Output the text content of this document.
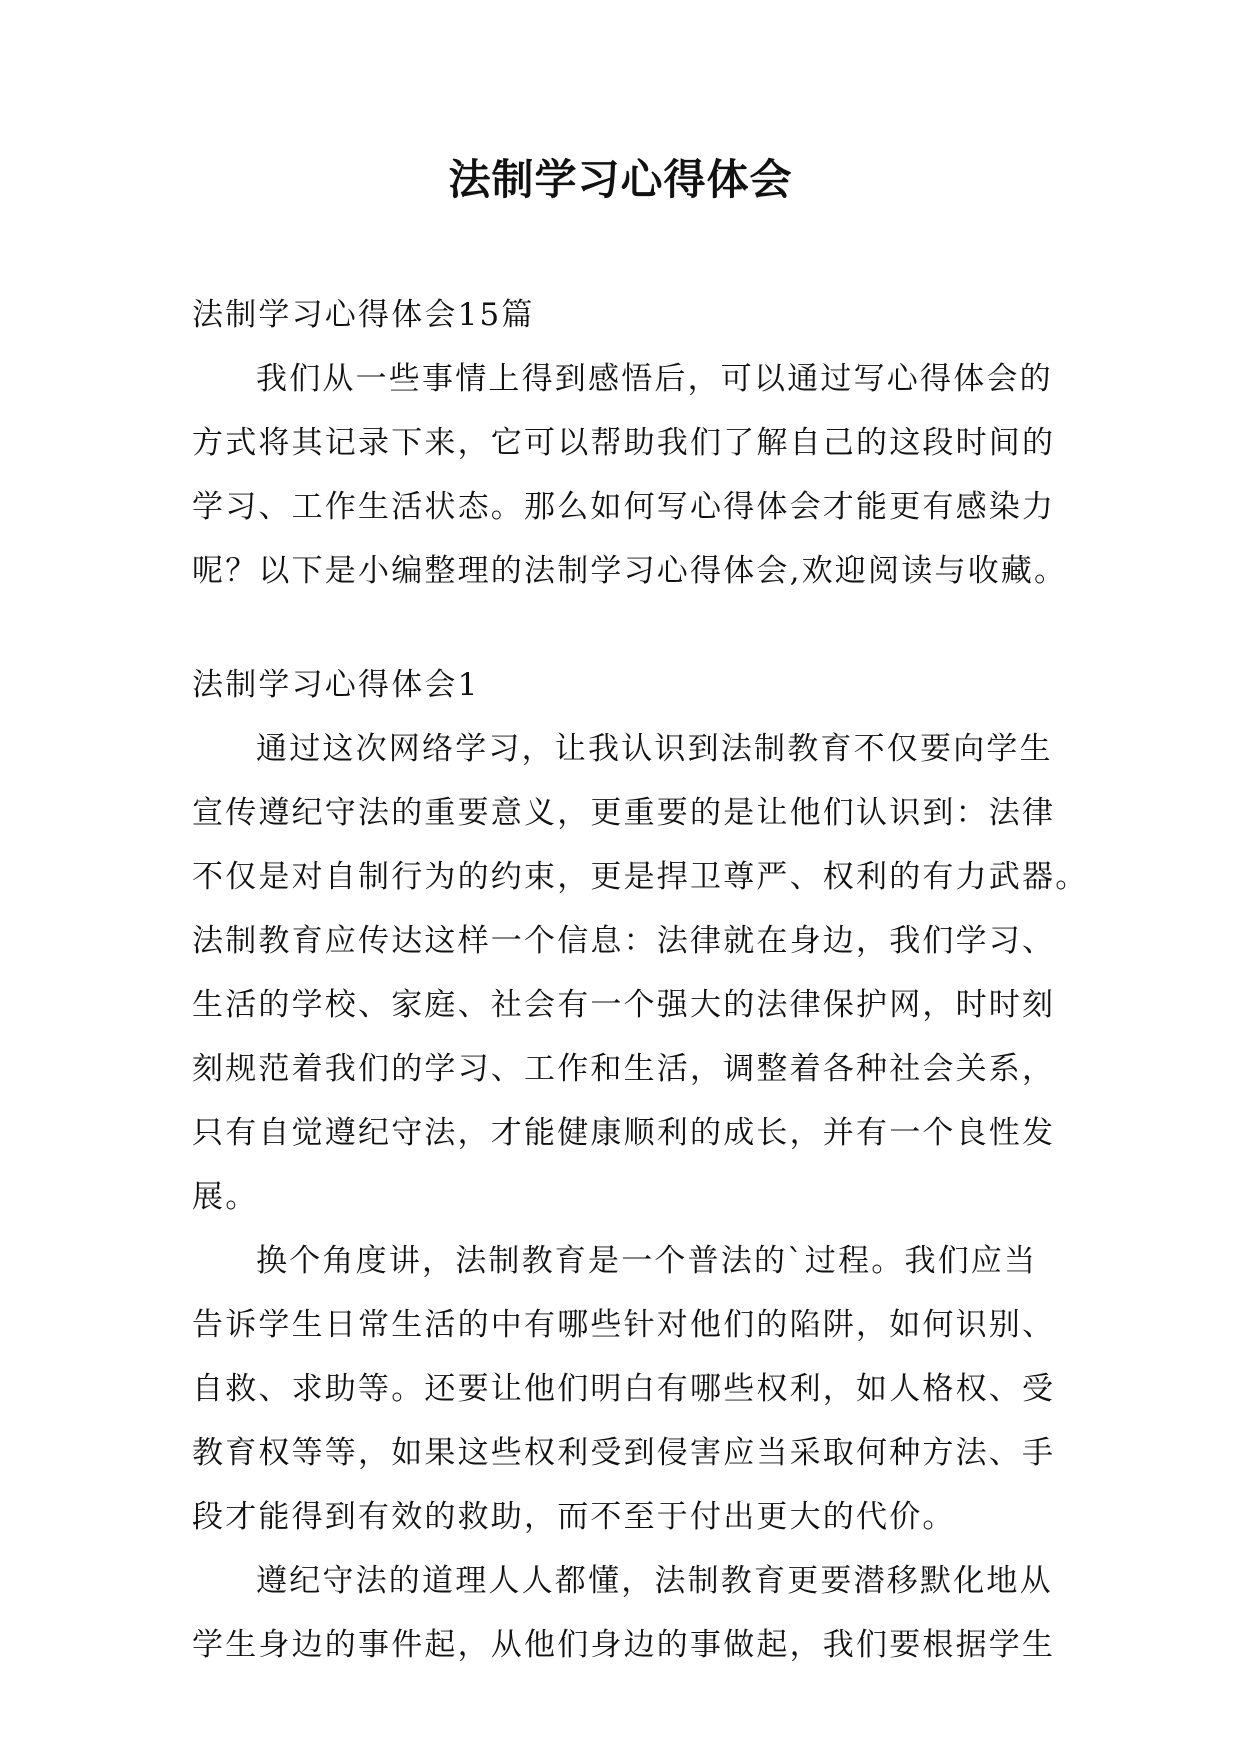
法制学习心得体会

法制学习心得体会15篇

我们从一些事情上得到感悟后，可以通过写心得体会的

方式将其记录下来，它可以帮助我们了解自己的这段时间的

学习、工作生活状态。那么如何写心得体会才能更有感染力

呢？以下是小编整理的法制学习心得体会,欢迎阅读与收藏。

法制学习心得体会1

通过这次网络学习，让我认识到法制教育不仅要向学生

宣传遵纪守法的重要意义，更重要的是让他们认识到：法律

不仅是对自制行为的约束，更是捍卫尊严、权利的有力武器。

法制教育应传达这样一个信息：法律就在身边，我们学习、

生活的学校、家庭、社会有一个强大的法律保护网，时时刻

刻规范着我们的学习、工作和生活，调整着各种社会关系，

只有自觉遵纪守法，才能健康顺利的成长，并有一个良性发

展。

换个角度讲，法制教育是一个普法的`过程。我们应当

告诉学生日常生活的中有哪些针对他们的陷阱，如何识别、

自救、求助等。还要让他们明白有哪些权利，如人格权、受

教育权等等，如果这些权利受到侵害应当采取何种方法、手

段才能得到有效的救助，而不至于付出更大的代价。

遵纪守法的道理人人都懂，法制教育更要潜移默化地从

学生身边的事件起，从他们身边的事做起，我们要根据学生
